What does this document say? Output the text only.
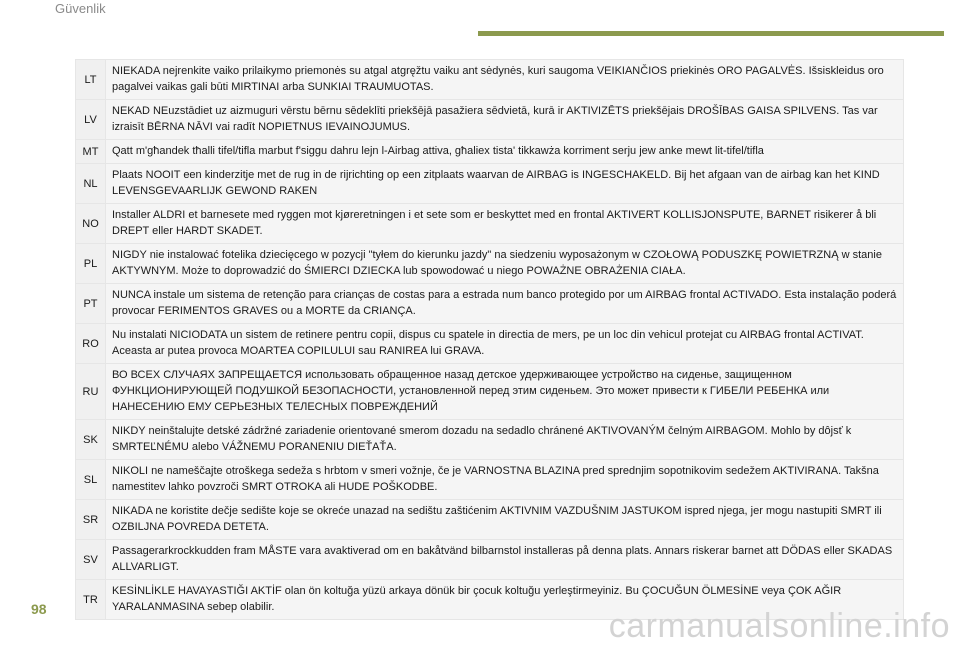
Güvenlik
LT	NIEKADA nejrenkite vaiko prilaikymo priemonės su atgal atgręžtu vaiku ant sėdynės, kuri saugoma VEIKIANČIOS priekinės ORO PAGALVĖS. Išsiskleidus oro pagalvei vaikas gali būti MIRTINAI arba SUNKIAI TRAUMUOTAS.
LV	NEKAD NEuzstādiet uz aizmuguri vērstu bērnu sēdeklīti priekšējā pasažiera sēdvietā, kurā ir AKTIVIZĒTS priekšējais DROŠĪBAS GAISA SPILVENS. Tas var izraisīt BĒRNA NĀVI vai radīt NOPIETNUS IEVAINOJUMUS.
MT	Qatt m'għandek tħalli tifel/tifla marbut f'siggu dahru lejn l-Airbag attiva, għaliex tista' tikkawża korriment serju jew anke mewt lit-tifel/tifla
NL	Plaats NOOIT een kinderzitje met de rug in de rijrichting op een zitplaats waarvan de AIRBAG is INGESCHAKELD. Bij het afgaan van de airbag kan het KIND LEVENSGEVAARLIJK GEWOND RAKEN
NO	Installer ALDRI et barnesete med ryggen mot kjøreretningen i et sete som er beskyttet med en frontal AKTIVERT KOLLISJONSPUTE, BARNET risikerer å bli DREPT eller HARDT SKADET.
PL	NIGDY nie instalować fotelika dziecięcego w pozycji "tyłem do kierunku jazdy" na siedzeniu wyposażonym w CZOŁOWĄ PODUSZKĘ POWIETRZNĄ w stanie AKTYWNYM. Może to doprowadzić do ŚMIERCI DZIECKA lub spowodować u niego POWAŻNE OBRAŻENIA CIAŁA.
PT	NUNCA instale um sistema de retenção para crianças de costas para a estrada num banco protegido por um AIRBAG frontal ACTIVADO. Esta instalação poderá provocar FERIMENTOS GRAVES ou a MORTE da CRIANÇA.
RO	Nu instalati NICIODATA un sistem de retinere pentru copii, dispus cu spatele in directia de mers, pe un loc din vehicul protejat cu AIRBAG frontal ACTIVAT. Aceasta ar putea provoca MOARTEA COPILULUI sau RANIREA lui GRAVA.
RU	ВО ВСЕХ СЛУЧАЯХ ЗАПРЕЩАЕТСЯ использовать обращенное назад детское удерживающее устройство на сиденье, защищенном ФУНКЦИОНИРУЮЩЕЙ ПОДУШКОЙ БЕЗОПАСНОСТИ, установленной перед этим сиденьем. Это может привести к ГИБЕЛИ РЕБЕНКА или НАНЕСЕНИЮ ЕМУ СЕРЬЕЗНЫХ ТЕЛЕСНЫХ ПОВРЕЖДЕНИЙ
SK	NIKDY neinštalujte detské zádržné zariadenie orientované smerom dozadu na sedadlo chránené AKTIVOVANÝM čelným AIRBAGOM. Mohlo by dôjsť k SMRTEĽNÉMU alebo VÁŽNEMU PORANENIU DIEŤAŤA.
SL	NIKOLI ne nameščajte otroškega sedeža s hrbtom v smeri vožnje, če je VARNOSTNA BLAZINA pred sprednjim sopotnikovim sedežem AKTIVIRANA. Takšna namestitev lahko povzroči SMRT OTROKA ali HUDE POŠKODBE.
SR	NIKADA ne koristite dečje sedište koje se okreće unazad na sedištu zaštićenim AKTIVNIM VAZDUŠNIM JASTUKOM ispred njega, jer mogu nastupiti SMRT ili OZBILJNA POVREDA DETETA.
SV	Passagerarkrockkudden fram MÅSTE vara avaktiverad om en bakåtvänd bilbarnstol installeras på denna plats. Annars riskerar barnet att DÖDAS eller SKADAS ALLVARLIGT.
TR	KESİNLİKLE HAVAYASTIĞI AKTİF olan ön koltuğa yüzü arkaya dönük bir çocuk koltuğu yerleştirmeyiniz. Bu ÇOCUĞUN ÖLMESİNE veya ÇOK AĞIR YARALANMASINA sebep olabilir.
98	carmanualsonline.info
